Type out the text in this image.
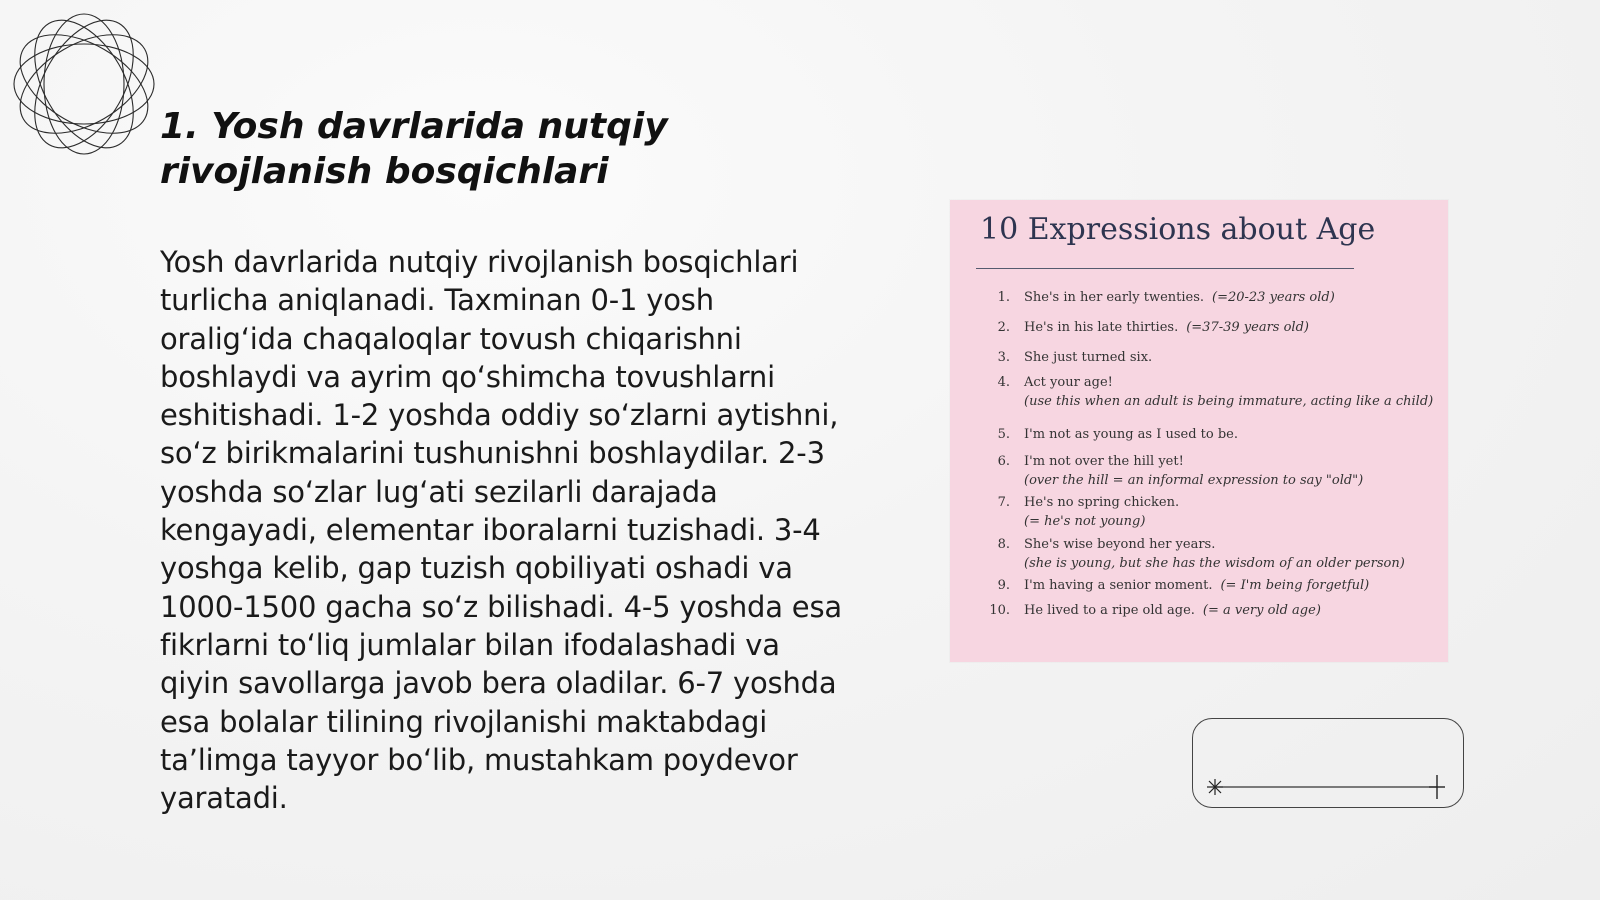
1. Yosh davrlarida nutqiy rivojlanish bosqichlari

Yosh davrlarida nutqiy rivojlanish bosqichlari turlicha aniqlanadi. Taxminan 0-1 yosh oraligʻida chaqaloqlar tovush chiqarishni boshlaydi va ayrim qoʻshimcha tovushlarni eshitishadi. 1-2 yoshda oddiy soʻzlarni aytishni, soʻz birikmalarini tushunishni boshlaydilar. 2-3 yoshda soʻzlar lugʻati sezilarli darajada kengayadi, elementar iboralarni tuzishadi. 3-4 yoshga kelib, gap tuzish qobiliyati oshadi va 1000-1500 gacha soʻz bilishadi. 4-5 yoshda esa fikrlarni toʻliq jumlalar bilan ifodalashadi va qiyin savollarga javob bera oladilar. 6-7 yoshda esa bolalar tilining rivojlanishi maktabdagi taʼlimga tayyor boʻlib, mustahkam poydevor yaratadi.

10 Expressions about Age
1. She's in her early twenties. (=20-23 years old)
2. He's in his late thirties. (=37-39 years old)
3. She just turned six.
4. Act your age!
(use this when an adult is being immature, acting like a child)
5. I'm not as young as I used to be.
6. I'm not over the hill yet!
(over the hill = an informal expression to say "old")
7. He's no spring chicken.
(= he's not young)
8. She's wise beyond her years.
(she is young, but she has the wisdom of an older person)
9. I'm having a senior moment. (= I'm being forgetful)
10. He lived to a ripe old age. (= a very old age)
